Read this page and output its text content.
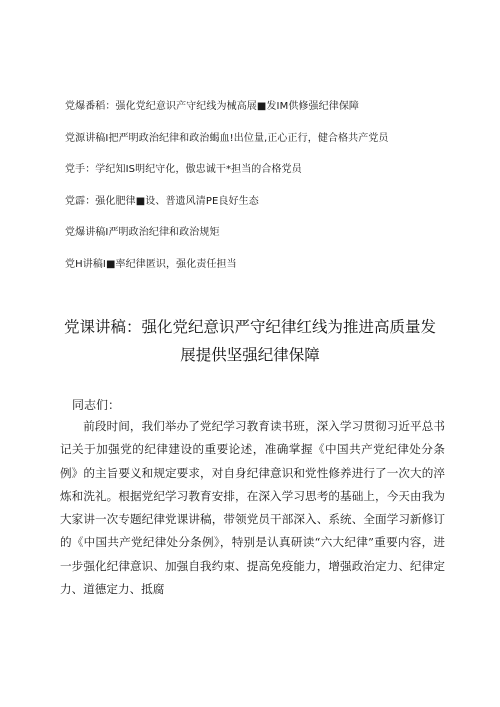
党爆番稻：强化党纪意识产守纪线为械高展■发IM供修强纪律保障
党源讲稿I把严明政治纪律和政治蝎血!出位量,正心正行，健合格共产党员
党手：学纪知IS明纪守化，傲忠诚干*担当的合格党员
党霹：强化肥律■设、普遗风清PE良好生态
党爆讲稿I严明政治纪律和政治规矩
党H讲稿I■率纪律匿识，强化责任担当
党课讲稿：强化党纪意识严守纪律红线为推进高质量发展提供坚强纪律保障
同志们：

前段时间，我们举办了党纪学习教育读书班，深入学习贯彻习近平总书记关于加强党的纪律建设的重要论述，准确掌握《中国共产党纪律处分条例》的主旨要义和规定要求，对自身纪律意识和党性修养进行了一次大的淬炼和洗礼。根据党纪学习教育安排，在深入学习思考的基础上，今天由我为大家讲一次专题纪律党课讲稿，带领党员干部深入、系统、全面学习新修订的《中国共产党纪律处分条例》，特别是认真研读“六大纪律”重要内容，进一步强化纪律意识、加强自我约束、提高免疫能力，增强政治定力、纪律定力、道德定力、抵腐
